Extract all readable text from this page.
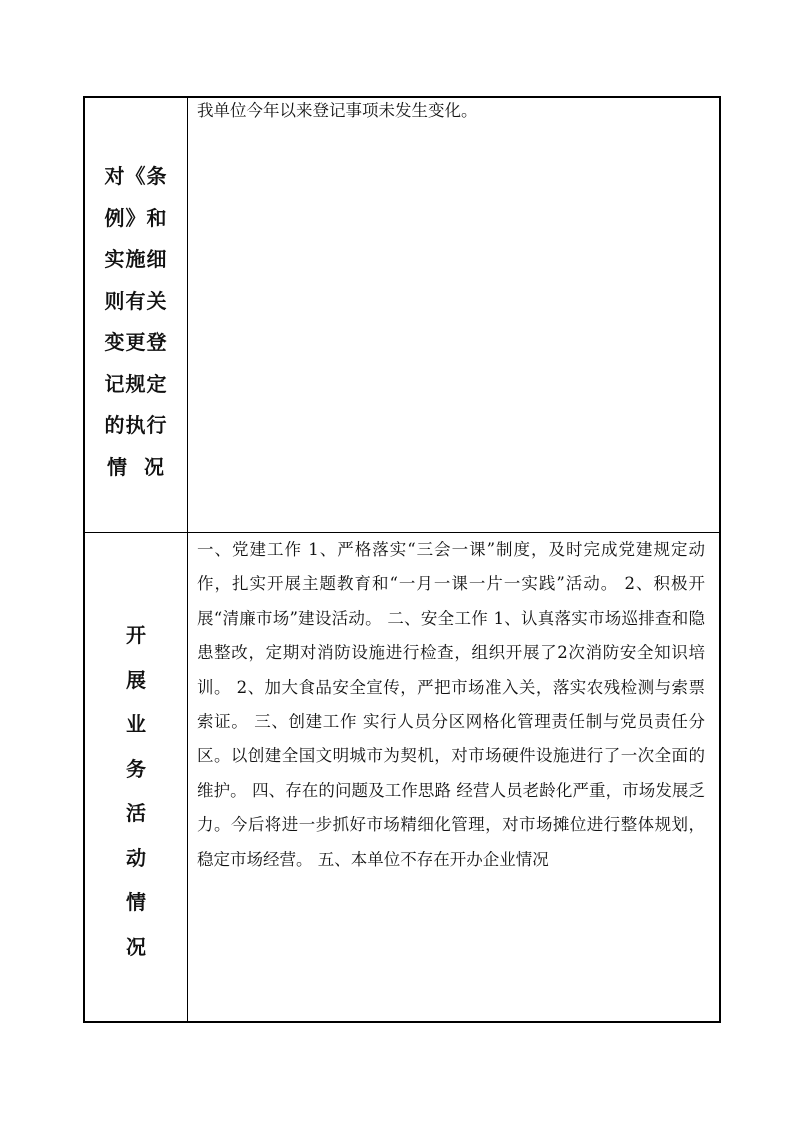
对《条
例》和
实施细
则有关
变更登
记规定
的执行
情  况

我单位今年以来登记事项未发生变化。

开
展
业
务
活
动
情
况

一、党建工作 1、严格落实“三会一课”制度，及时完成党建规定动作，扎实开展主题教育和“一月一课一片一实践”活动。 2、积极开展“清廉市场”建设活动。 二、安全工作 1、认真落实市场巡排查和隐患整改，定期对消防设施进行检查，组织开展了2次消防安全知识培训。 2、加大食品安全宣传，严把市场准入关，落实农残检测与索票索证。 三、创建工作 实行人员分区网格化管理责任制与党员责任分区。以创建全国文明城市为契机，对市场硬件设施进行了一次全面的维护。 四、存在的问题及工作思路 经营人员老龄化严重，市场发展乏力。今后将进一步抓好市场精细化管理，对市场摊位进行整体规划，稳定市场经营。 五、本单位不存在开办企业情况
